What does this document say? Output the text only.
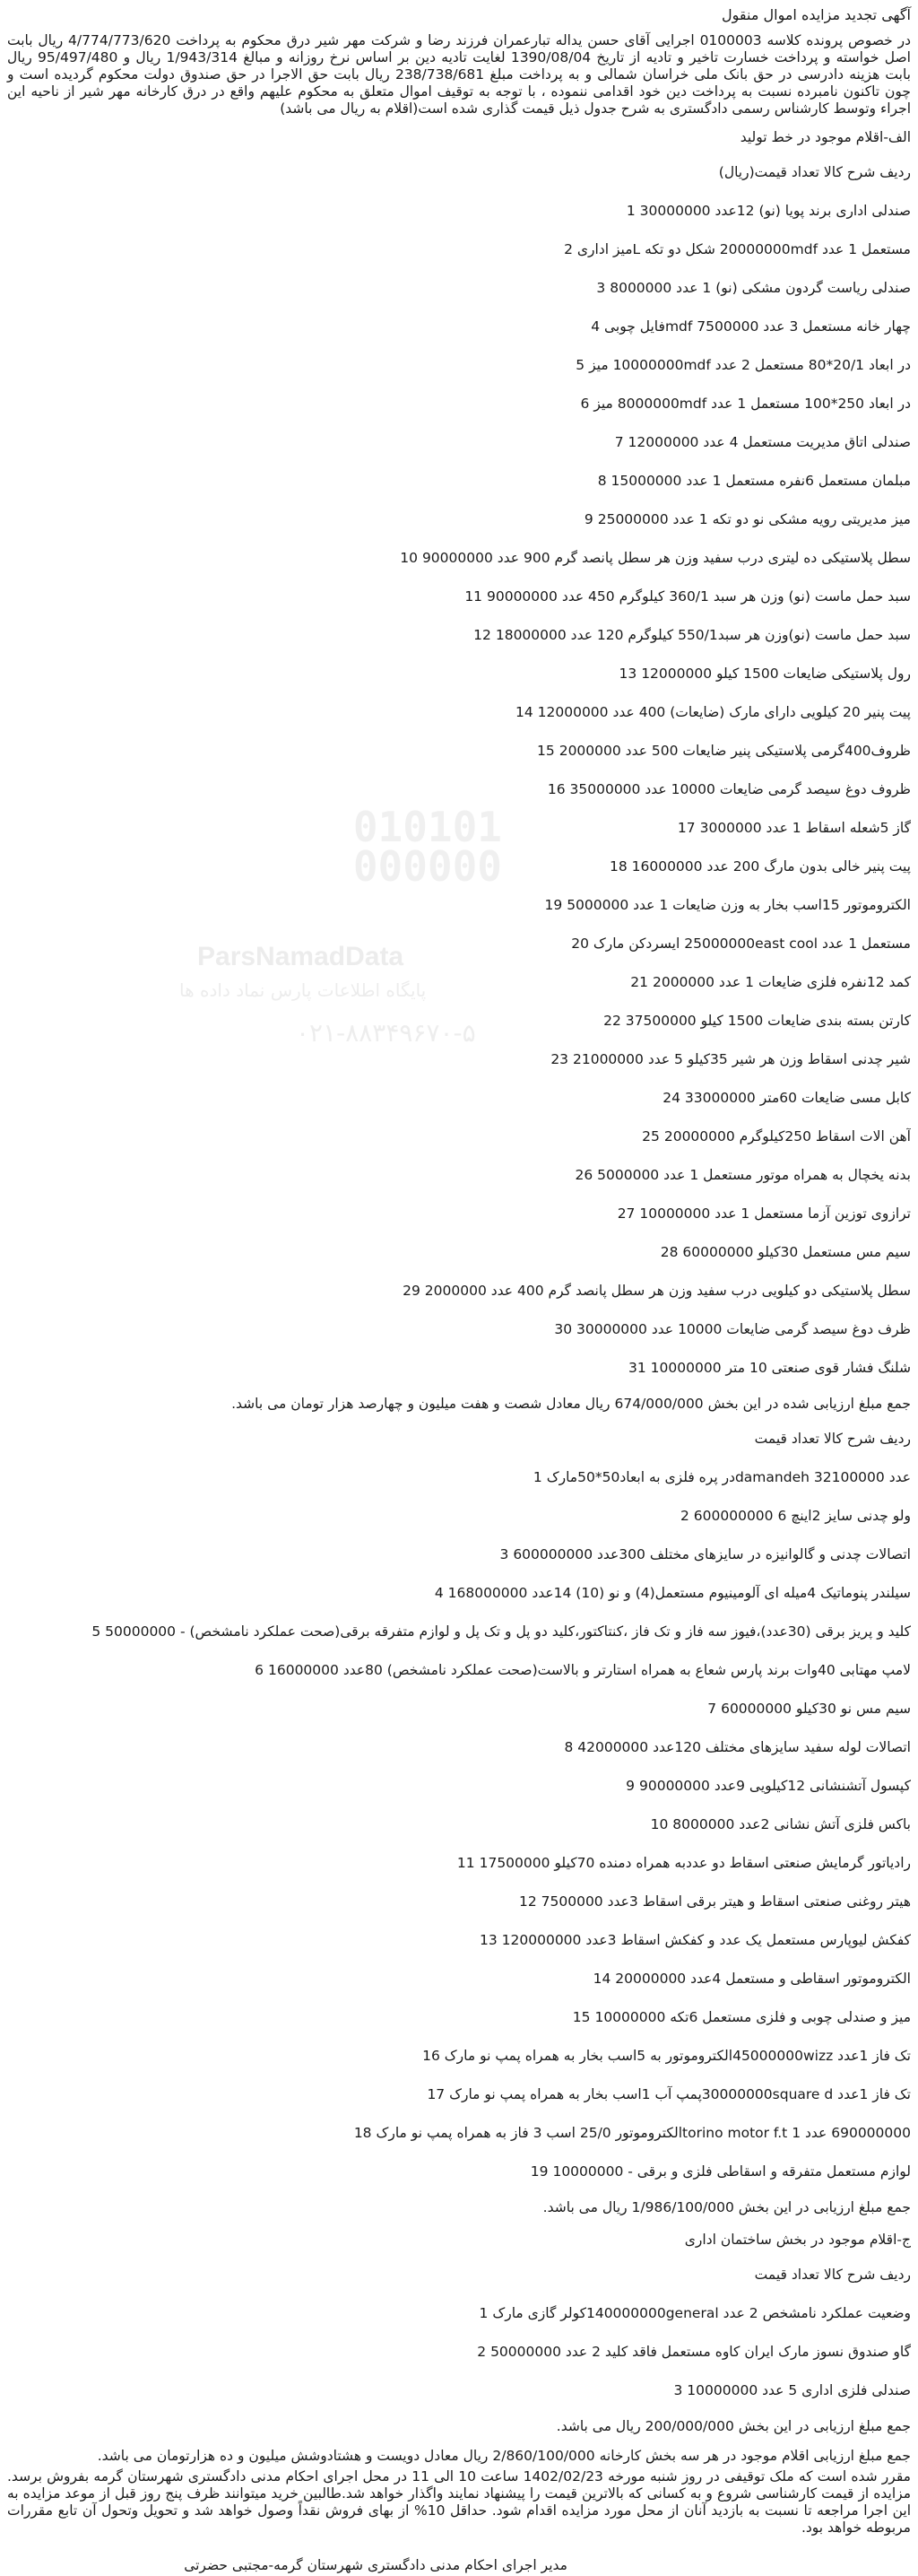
آگهی تجدید مزایده اموال منقول
در خصوص پرونده کلاسه 0100003 اجرایی آقای حسن یداله تبارعمران فرزند رضا و شرکت مهر شیر درق محکوم به پرداخت 4/774/773/620 ریال بابت اصل خواسته و پرداخت خسارت تاخیر و تادیه از تاریخ 1390/08/04 لغایت تادیه دین بر اساس نرخ روزانه و مبالغ 1/943/314 ریال و 95/497/480 ریال بابت هزینه دادرسی در حق بانک ملی خراسان شمالی و به پرداخت مبلغ 238/738/681 ریال بابت حق الاجرا در حق صندوق دولت محکوم گردیده است و چون تاکنون نامبرده نسبت به پرداخت دین خود اقدامی ننموده ، با توجه به توقیف اموال متعلق به محکوم علیهم واقع در درق کارخانه مهر شیر از ناحیه این اجراء وتوسط کارشناس رسمی دادگستری به شرح جدول ذیل قیمت گذاری شده است(اقلام به ریال می باشد)
الف-اقلام موجود در خط تولید
ردیف شرح کالا تعداد قیمت(ریال)
صندلی اداری برند پویا (نو) 12عدد 30000000 1
مستعمل 1 عدد 20000000mdf شکل دو تکه Lمیز اداری 2
صندلی ریاست گردون مشکی (نو) 1 عدد 8000000 3
چهار خانه مستعمل 3 عدد 7500000 mdfفایل چوبی 4
در ابعاد 20/1*80 مستعمل 2 عدد 10000000mdf میز 5
در ابعاد 250*100 مستعمل 1 عدد 8000000mdf میز 6
صندلی اتاق مدیریت مستعمل 4 عدد 12000000 7
مبلمان مستعمل 6نفره مستعمل 1 عدد 15000000 8
میز مدیریتی رویه مشکی نو دو تکه 1 عدد 25000000 9
سطل پلاستیکی ده لیتری درب سفید وزن هر سطل پانصد گرم 900 عدد 90000000 10
سبد حمل ماست (نو) وزن هر سبد 360/1 کیلوگرم 450 عدد 90000000 11
سبد حمل ماست (نو)وزن هر سبد550/1 کیلوگرم 120 عدد 18000000 12
رول پلاستیکی ضایعات 1500 کیلو 12000000 13
پیت پنیر 20 کیلویی دارای مارک (ضایعات) 400 عدد 12000000 14
ظروف400گرمی پلاستیکی پنیر ضایعات 500 عدد 2000000 15
ظروف دوغ سیصد گرمی ضایعات 10000 عدد 35000000 16
گاز 5شعله اسقاط 1 عدد 3000000 17
پیت پنیر خالی بدون مارگ 200 عدد 16000000 18
الکتروموتور 15اسب بخار به وزن ضایعات 1 عدد 5000000 19
مستعمل 1 عدد 25000000east cool ایسردکن مارک 20
کمد 12نفره فلزی ضایعات 1 عدد 2000000 21
کارتن بسته بندی ضایعات 1500 کیلو 37500000 22
شیر چدنی اسقاط وزن هر شیر 35کیلو 5 عدد 21000000 23
کابل مسی ضایعات 60متر 33000000 24
آهن الات اسقاط 250کیلوگرم 20000000 25
بدنه یخچال به همراه موتور مستعمل 1 عدد 5000000 26
ترازوی توزین آزما مستعمل 1 عدد 10000000 27
سیم مس مستعمل 30کیلو 60000000 28
سطل پلاستیکی دو کیلویی درب سفید وزن هر سطل پانصد گرم 400 عدد 2000000 29
ظرف دوغ سیصد گرمی ضایعات 10000 عدد 30000000 30
شلنگ فشار قوی صنعتی 10 متر 10000000 31
جمع مبلغ ارزیابی شده در این بخش 674/000/000 ریال معادل شصت و هفت میلیون و چهارصد هزار تومان می باشد.
ردیف شرح کالا تعداد قیمت
عدد 32100000 damandehدر پره فلزی به ابعاد50*50مارک 1
ولو چدنی سایز 2اینچ 6 600000000 2
اتصالات چدنی و گالوانیزه در سایزهای مختلف 300عدد 600000000 3
سیلندر پنوماتیک 4میله ای آلومینیوم مستعمل(4) و نو (10) 14عدد 168000000 4
کلید و پریز برقی (30عدد)،فیوز سه فاز و تک فاز ،کنتاکتور،کلید دو پل و تک پل و لوازم متفرقه برقی(صحت عملکرد نامشخص) - 50000000 5
لامپ مهتابی 40وات برند پارس شعاع به همراه استارتر و بالاست(صحت عملکرد نامشخص) 80عدد 16000000 6
سیم مس نو 30کیلو 60000000 7
اتصالات لوله سفید سایزهای مختلف 120عدد 42000000 8
کپسول آتشنشانی 12کیلویی 9عدد 90000000 9
باکس فلزی آتش نشانی 2عدد 8000000 10
رادیاتور گرمایش صنعتی اسقاط دو عددبه همراه دمنده 70کیلو 17500000 11
هیتر روغنی صنعتی اسقاط و هیتر برقی اسقاط 3عدد 7500000 12
کفکش لیوپارس مستعمل یک عدد و کفکش اسقاط 3عدد 120000000 13
الکتروموتور اسقاطی و مستعمل 4عدد 20000000 14
میز و صندلی چوبی و فلزی مستعمل 6تکه 10000000 15
تک فاز 1عدد 45000000wizzالکتروموتور به 5اسب بخار به همراه پمپ نو مارک 16
تک فاز 1عدد 30000000square dپمپ آب 1اسب بخار به همراه پمپ نو مارک 17
690000000 عدد 1 torino motor f.tالکتروموتور 25/0 اسب 3 فاز به همراه پمپ نو مارک 18
لوازم مستعمل متفرقه و اسقاطی فلزی و برقی - 10000000 19
جمع مبلغ ارزیابی در این بخش 1/986/100/000 ریال می باشد.
ج-اقلام موجود در بخش ساختمان اداری
ردیف شرح کالا تعداد قیمت
وضعیت عملکرد نامشخص 2 عدد 140000000generalکولر گازی مارک 1
گاو صندوق نسوز مارک ایران کاوه مستعمل فاقد کلید 2 عدد 50000000 2
صندلی فلزی اداری 5 عدد 10000000 3
جمع مبلغ ارزیابی در این بخش 200/000/000 ریال می باشد.
جمع مبلغ ارزیابی اقلام موجود در هر سه بخش کارخانه 2/860/100/000 ریال معادل دویست و هشتادوشش میلیون و ده هزارتومان می باشد.
مقرر شده است که ملک توقیفی در روز شنبه مورخه 1402/02/23 ساعت 10 الی 11 در محل اجرای احکام مدنی دادگستری شهرستان گرمه بفروش برسد. مزایده از قیمت کارشناسی شروع و به کسانی که بالاترین قیمت را پیشنهاد نمایند واگذار خواهد شد.طالبین خرید میتوانند ظرف پنج روز قبل از موعد مزایده به این اجرا مراجعه تا نسبت به بازدید آنان از محل مورد مزایده اقدام شود. حداقل 10% از بهای فروش نقداً وصول خواهد شد و تحویل وتحول آن تابع مقررات مربوطه خواهد بود.
مدیر اجرای احکام مدنی دادگستری شهرستان گرمه-مجتبی حضرتی
010101
000000
ParsNamadData
پایگاه اطلاعات پارس نماد داده ها
۰۲۱-۸۸۳۴۹۶۷۰-۵
